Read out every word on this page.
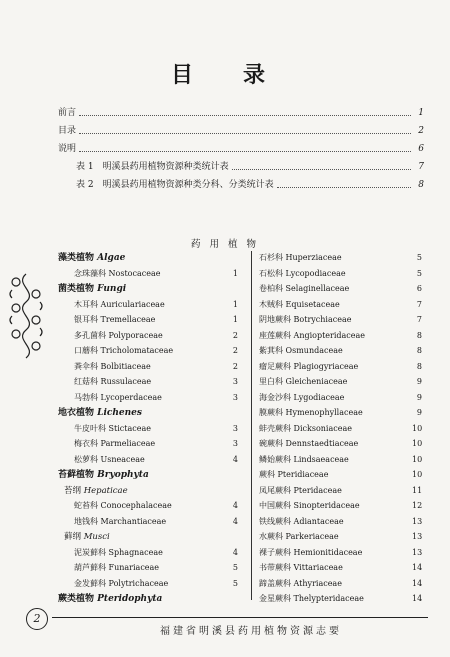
目　录
前言	1
目录	2
说明	6
表 1　明溪县药用植物资源种类统计表	7
表 2　明溪县药用植物资源种类分科、分类统计表	8
药 用 植 物
藻类植物 Algae
念珠藻科 Nostocaceae	1
菌类植物 Fungi
木耳科 Auriculariaceae	1
银耳科 Tremellaceae	1
多孔菌科 Polyporaceae	2
口蘑科 Tricholomataceae	2
粪伞科 Bolbitiaceae	2
红菇科 Russulaceae	3
马勃科 Lycoperdaceae	3
地衣植物 Lichenes
牛皮叶科 Stictaceae	3
梅衣科 Parmeliaceae	3
松萝科 Usneaceae	4
苔藓植物 Bryophyta
苔纲 Hepaticae
蛇苔科 Conocephalaceae	4
地钱科 Marchantiaceae	4
藓纲 Musci
泥炭藓科 Sphagnaceae	4
葫芦藓科 Funariaceae	5
金发藓科 Polytrichaceae	5
蕨类植物 Pteridophyta
石杉科 Huperziaceae	5
石松科 Lycopodiaceae	5
卷柏科 Selaginellaceae	6
木贼科 Equisetaceae	7
阴地蕨科 Botrychiaceae	7
座莲蕨科 Angiopteridaceae	8
紫萁科 Osmundaceae	8
瘤足蕨科 Plagiogyriaceae	8
里白科 Gleicheniaceae	9
海金沙科 Lygodiaceae	9
膜蕨科 Hymenophyllaceae	9
蚌壳蕨科 Dicksoniaceae	10
碗蕨科 Dennstaedtiaceae	10
鳞始蕨科 Lindsaeaceae	10
蕨科 Pteridiaceae	10
凤尾蕨科 Pteridaceae	11
中国蕨科 Sinopteridaceae	12
铁线蕨科 Adiantaceae	13
水蕨科 Parkeriaceae	13
裸子蕨科 Hemionitidaceae	13
书带蕨科 Vittariaceae	14
蹄盖蕨科 Athyriaceae	14
金星蕨科 Thelypteridaceae	14
2
福建省明溪县药用植物资源志要
